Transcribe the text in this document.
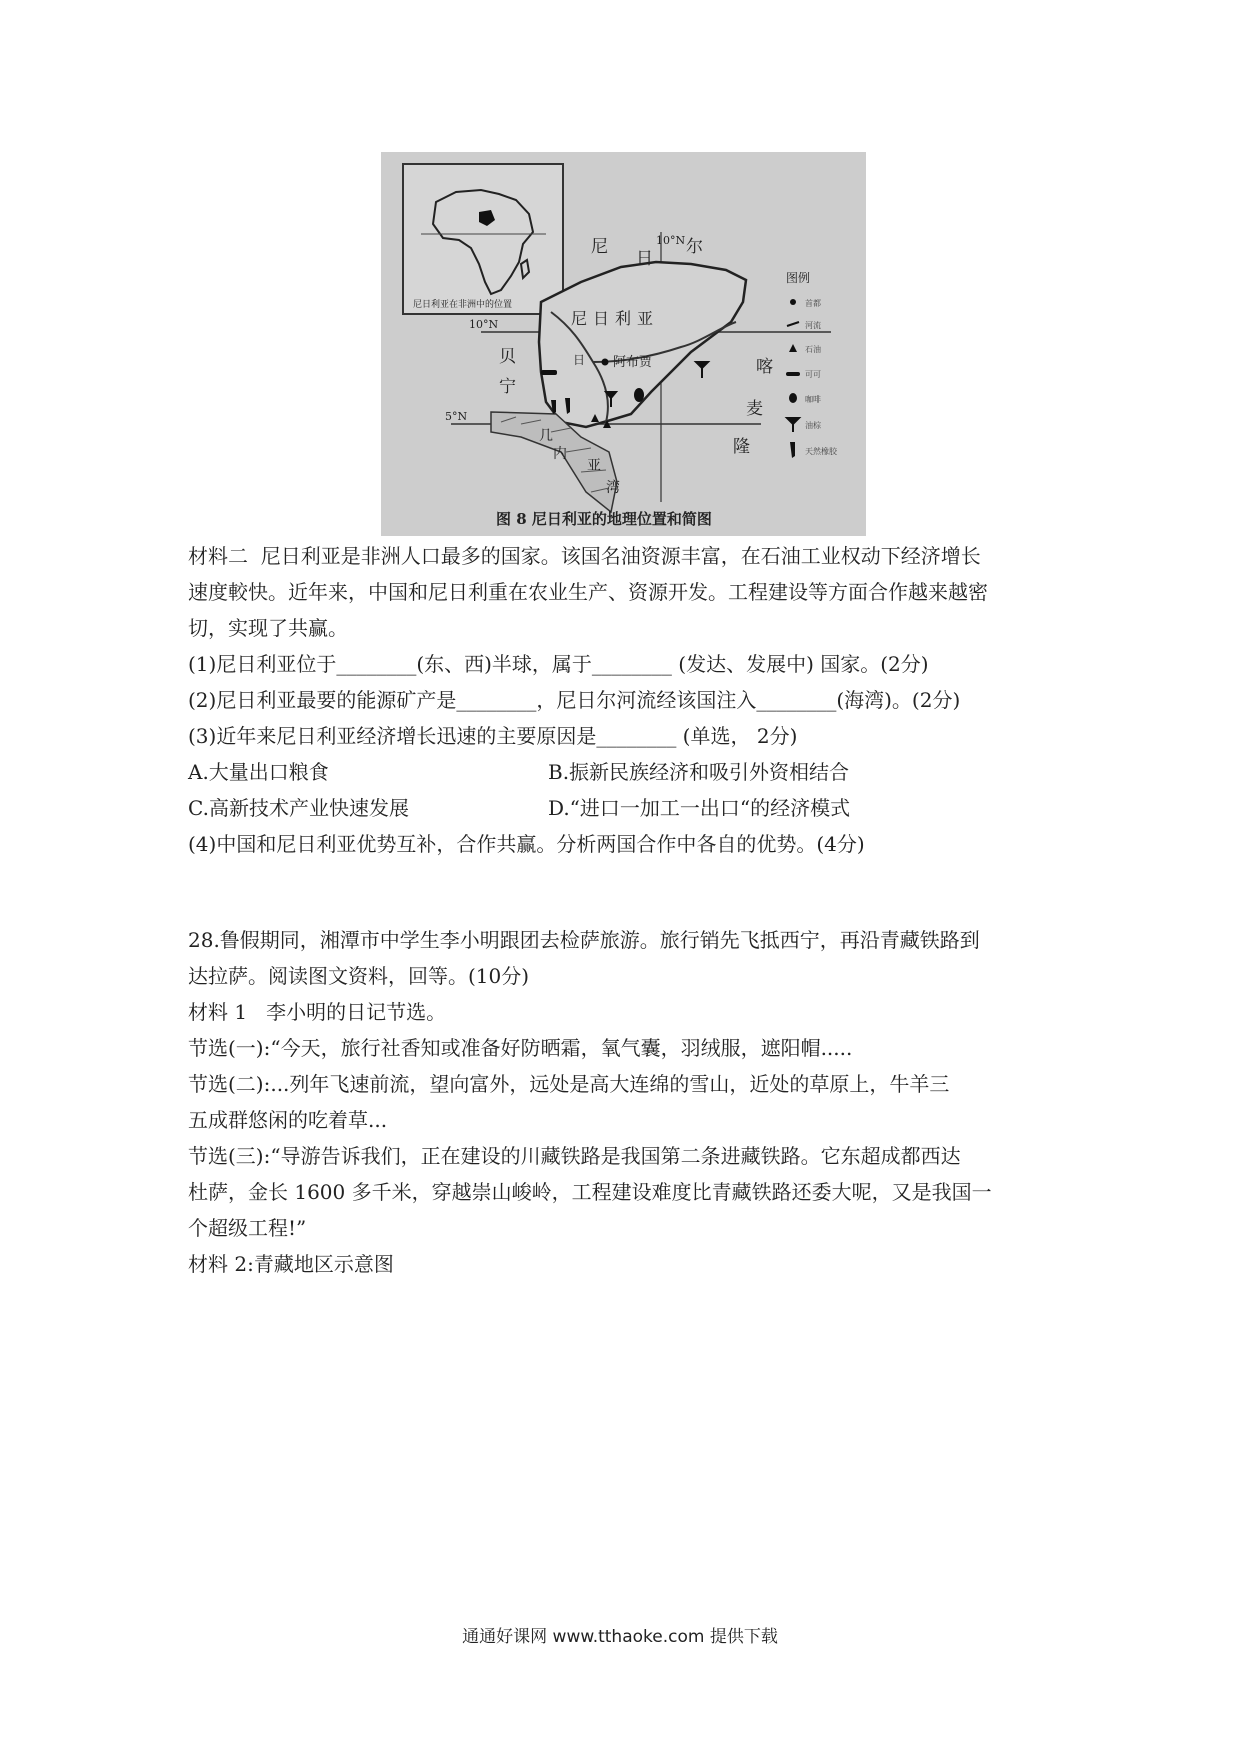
尼日利亚在非洲中的位置
10°N
10°N
5°N
尼
日
尔
尼日利亚
贝
宁
喀
麦
隆
日 阿布贾
几
内
亚
湾
图例
首都
河流
石油
可可
咖啡
油棕
天然橡胶
图 8 尼日利亚的地理位置和简图

材料二  尼日利亚是非洲人口最多的国家。该国名油资源丰富，在石油工业权动下经济增长

速度較快。近年来，中国和尼日利重在农业生产、资源开发。工程建设等方面合作越来越密

切，实现了共赢。

(1)尼日利亚位于________(东、西)半球，属于________ (发达、发展中) 国家。(2分)

(2)尼日利亚最要的能源矿产是________，尼日尔河流经该国注入________(海湾)。(2分)

(3)近年来尼日利亚经济增长迅速的主要原因是________ (单选， 2分)

A.大量出口粮食	B.振新民族经济和吸引外资相结合
C.高新技术产业快速发展	D.“进口一加工一出口“的经济模式

(4)中国和尼日利亚优势互补，合作共赢。分析两国合作中各自的优势。(4分)

28.鲁假期同，湘潭市中学生李小明跟团去检萨旅游。旅行销先飞抵西宁，再沿青藏铁路到

达拉萨。阅读图文资料，回等。(10分)

材料 1   李小明的日记节选。

节选(一):“今天，旅行社香知或准备好防晒霜，氧气囊，羽绒服，遮阳帽.....

节选(二):...列年飞速前流，望向富外，远处是高大连绵的雪山，近处的草原上，牛羊三

五成群悠闲的吃着草...

节选(三):“导游告诉我们，正在建设的川藏铁路是我国第二条进藏铁路。它东超成都西达

杜萨，金长 1600 多千米，穿越崇山峻岭，工程建设难度比青藏铁路还委大呢，又是我国一

个超级工程!”

材料 2:青藏地区示意图

通通好课网 www.tthaoke.com 提供下载
